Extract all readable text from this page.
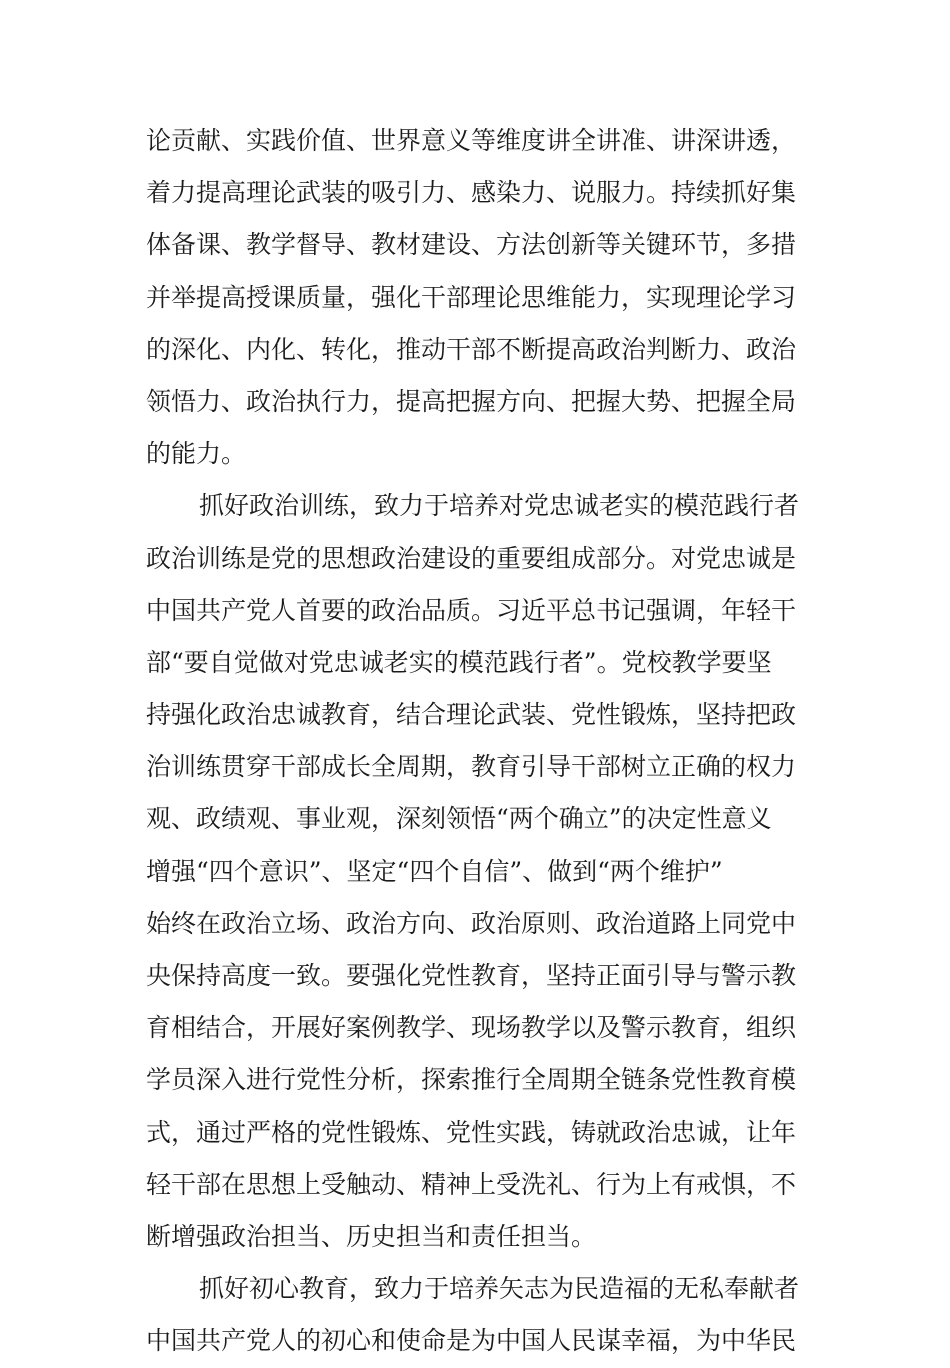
论贡献、实践价值、世界意义等维度讲全讲准、讲深讲透，
着力提高理论武装的吸引力、感染力、说服力。持续抓好集
体备课、教学督导、教材建设、方法创新等关键环节，多措
并举提高授课质量，强化干部理论思维能力，实现理论学习
的深化、内化、转化，推动干部不断提高政治判断力、政治
领悟力、政治执行力，提高把握方向、把握大势、把握全局
的能力。
抓好政治训练，致力于培养对党忠诚老实的模范践行者
政治训练是党的思想政治建设的重要组成部分。对党忠诚是
中国共产党人首要的政治品质。习近平总书记强调，年轻干
部“要自觉做对党忠诚老实的模范践行者”。党校教学要坚
持强化政治忠诚教育，结合理论武装、党性锻炼，坚持把政
治训练贯穿干部成长全周期，教育引导干部树立正确的权力
观、政绩观、事业观，深刻领悟“两个确立”的决定性意义
增强“四个意识”、坚定“四个自信”、做到“两个维护”
始终在政治立场、政治方向、政治原则、政治道路上同党中
央保持高度一致。要强化党性教育，坚持正面引导与警示教
育相结合，开展好案例教学、现场教学以及警示教育，组织
学员深入进行党性分析，探索推行全周期全链条党性教育模
式，通过严格的党性锻炼、党性实践，铸就政治忠诚，让年
轻干部在思想上受触动、精神上受洗礼、行为上有戒惧，不
断增强政治担当、历史担当和责任担当。
抓好初心教育，致力于培养矢志为民造福的无私奉献者
中国共产党人的初心和使命是为中国人民谋幸福，为中华民
